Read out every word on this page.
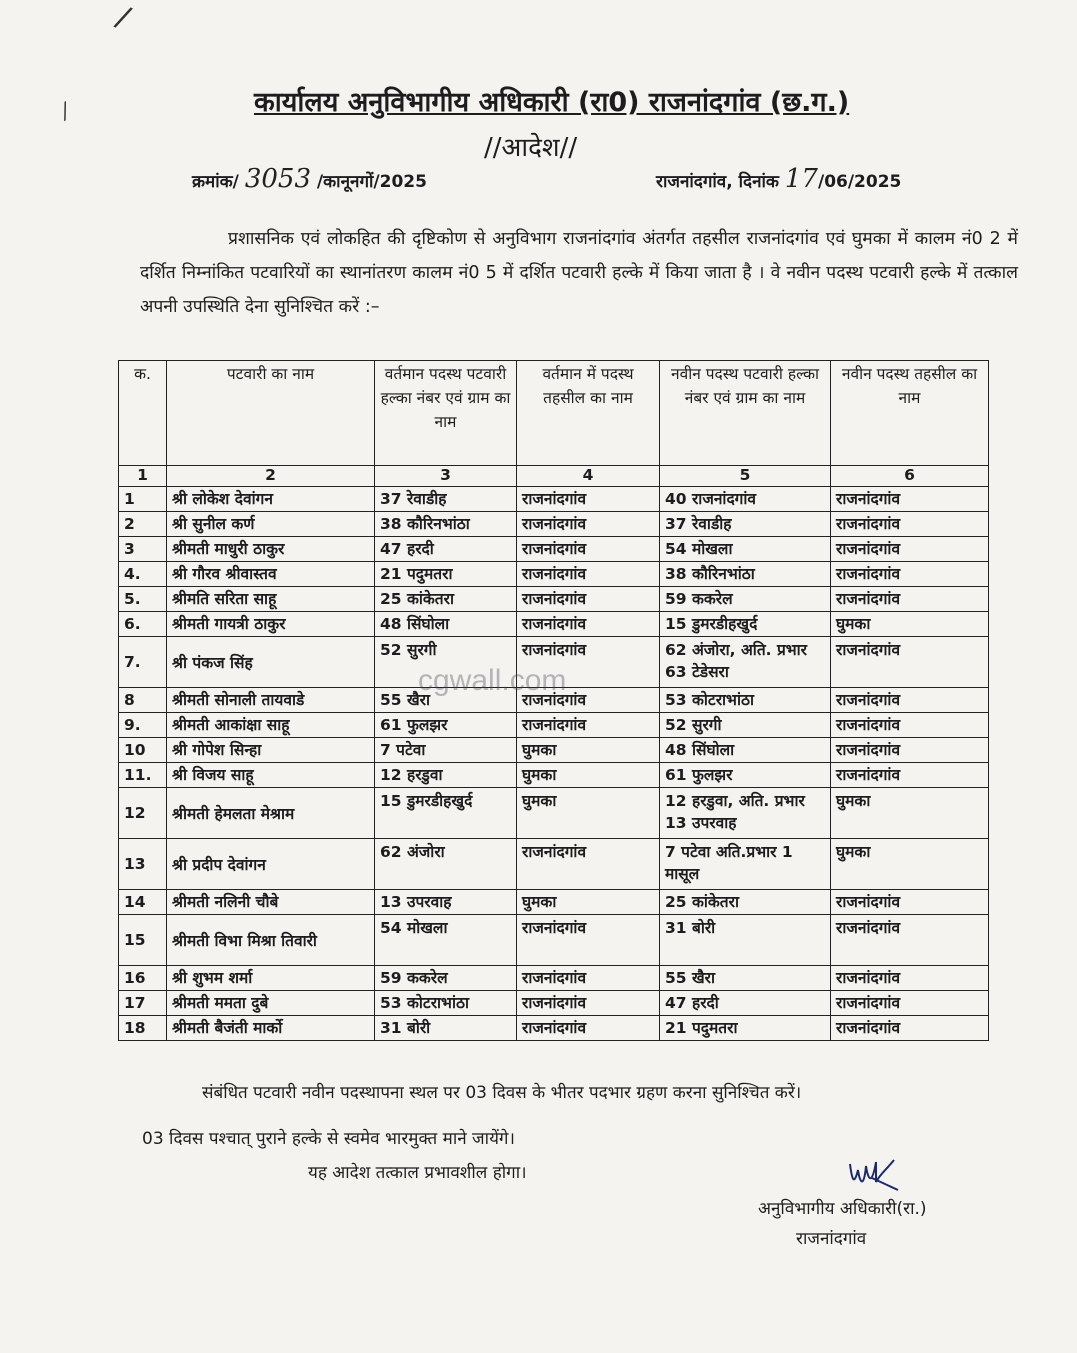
/
⁄	कार्यालय अनुविभागीय अधिकारी (रा0) राजनांदगांव (छ.ग.)
//आदेश//
क्रमांक/ 3053 /कानूनगों/2025	राजनांदगांव, दिनांक 17/06/2025
प्रशासनिक एवं लोकहित की दृष्टिकोण से अनुविभाग राजनांदगांव अंतर्गत तहसील राजनांदगांव एवं घुमका में कालम नं0 2 में दर्शित निम्नांकित पटवारियों का स्थानांतरण कालम नं0 5 में दर्शित पटवारी हल्के में किया जाता है । वे नवीन पदस्थ पटवारी हल्के में तत्काल अपनी उपस्थिति देना सुनिश्चित करें :–
क.	पटवारी का नाम	वर्तमान पदस्थ पटवारी हल्का नंबर एवं ग्राम का नाम	वर्तमान में पदस्थ तहसील का नाम	नवीन पदस्थ पटवारी हल्का नंबर एवं ग्राम का नाम	नवीन पदस्थ तहसील का नाम
1	2	3	4	5	6
1	श्री लोकेश देवांगन	37 रेवाडीह	राजनांदगांव	40 राजनांदगांव	राजनांदगांव
2	श्री सुनील कर्ण	38 कौरिनभांठा	राजनांदगांव	37 रेवाडीह	राजनांदगांव
3	श्रीमती माधुरी ठाकुर	47 हरदी	राजनांदगांव	54 मोखला	राजनांदगांव
4.	श्री गौरव श्रीवास्तव	21 पदुमतरा	राजनांदगांव	38 कौरिनभांठा	राजनांदगांव
5.	श्रीमति सरिता साहू	25 कांकेतरा	राजनांदगांव	59 ककरेल	राजनांदगांव
6.	श्रीमती गायत्री ठाकुर	48 सिंघोला	राजनांदगांव	15 डुमरडीहखुर्द	घुमका
7.	श्री पंकज सिंह	52 सुरगी	राजनांदगांव	62 अंजोरा, अति. प्रभार 63 टेडेसरा	राजनांदगांव
8	श्रीमती सोनाली तायवाडे	55 खैरा	राजनांदगांव	53 कोटराभांठा	राजनांदगांव
9.	श्रीमती आकांक्षा साहू	61 फुलझर	राजनांदगांव	52 सुरगी	राजनांदगांव
10	श्री गोपेश सिन्हा	7 पटेवा	घुमका	48 सिंघोला	राजनांदगांव
11.	श्री विजय साहू	12 हरडुवा	घुमका	61 फुलझर	राजनांदगांव
12	श्रीमती हेमलता मेश्राम	15 डुमरडीहखुर्द	घुमका	12 हरडुवा, अति. प्रभार 13 उपरवाह	घुमका
13	श्री प्रदीप देवांगन	62 अंजोरा	राजनांदगांव	7 पटेवा अति.प्रभार 1 मासूल	घुमका
14	श्रीमती नलिनी चौबे	13 उपरवाह	घुमका	25 कांकेतरा	राजनांदगांव
15	श्रीमती विभा मिश्रा तिवारी	54 मोखला	राजनांदगांव	31 बोरी	राजनांदगांव
16	श्री शुभम शर्मा	59 ककरेल	राजनांदगांव	55 खैरा	राजनांदगांव
17	श्रीमती ममता दुबे	53 कोटराभांठा	राजनांदगांव	47 हरदी	राजनांदगांव
18	श्रीमती बैजंती मार्को	31 बोरी	राजनांदगांव	21 पदुमतरा	राजनांदगांव
cgwall.com
संबंधित पटवारी नवीन पदस्थापना स्थल पर 03 दिवस के भीतर पदभार ग्रहण करना सुनिश्चित करें।
03 दिवस पश्चात् पुराने हल्के से स्वमेव भारमुक्त माने जायेंगे।
यह आदेश तत्काल प्रभावशील होगा।
अनुविभागीय अधिकारी(रा.)
राजनांदगांव
